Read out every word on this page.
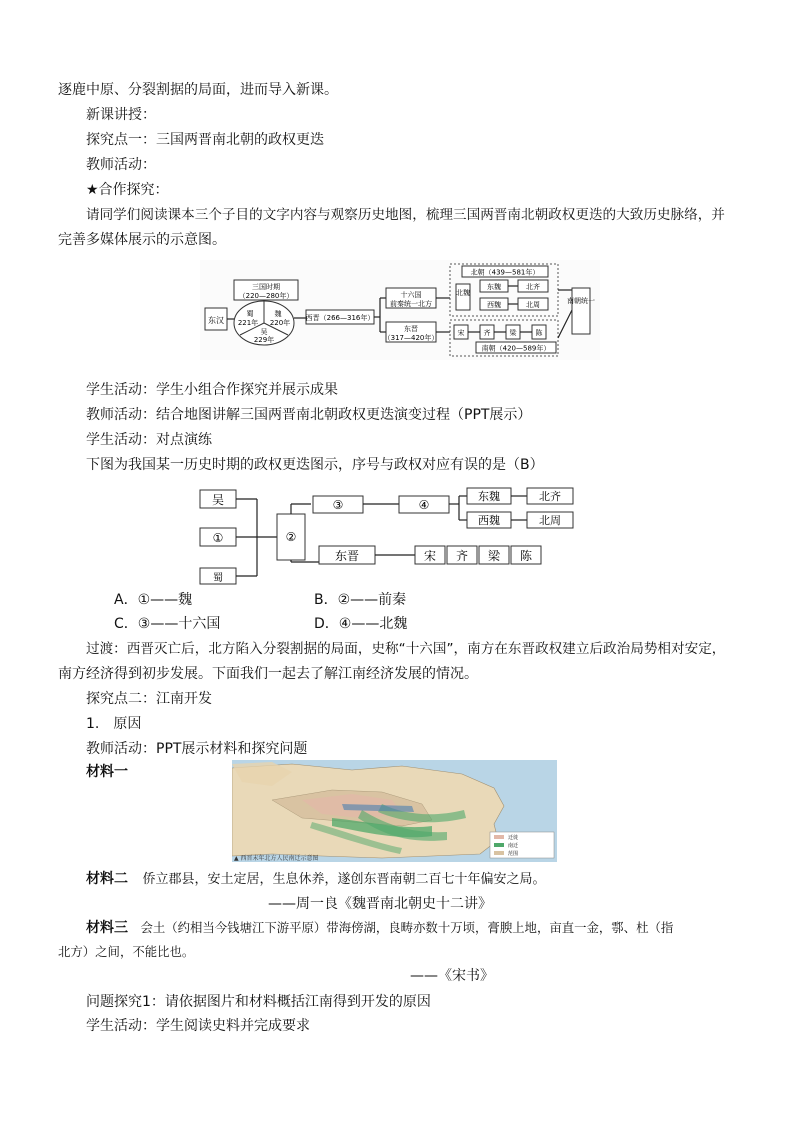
逐鹿中原、分裂割据的局面，进而导入新课。
新课讲授：
探究点一：三国两晋南北朝的政权更迭
教师活动：
★合作探究：
请同学们阅读课本三个子目的文字内容与观察历史地图，梳理三国两晋南北朝政权更迭的大致历史脉络，并
完善多媒体展示的示意图。
东汉
三国时期
（220—280年）
蜀
221年
魏
220年
吴
229年
西晋（266—316年）
十六国
前秦统一北方
东晋
（317—420年）
北朝（439—581年）
北魏
东魏
西魏
北齐
北周
宋	齐	梁	陈
南朝（420—589年）
南朝统一
学生活动：学生小组合作探究并展示成果
教师活动：结合地图讲解三国两晋南北朝政权更迭演变过程（PPT展示）
学生活动：对点演练
下图为我国某一历史时期的政权更迭图示，序号与政权对应有误的是（B）
吴
①
蜀
②
③	④
东魏
西魏
北齐
北周
东晋	宋 齐 梁 陈
A．①——魏	B．②——前秦
C．③——十六国	D．④——北魏
过渡：西晋灭亡后，北方陷入分裂割据的局面，史称“十六国”，南方在东晋政权建立后政治局势相对安定，
南方经济得到初步发展。下面我们一起去了解江南经济发展的情况。
探究点二：江南开发
1.　原因
教师活动：PPT展示材料和探究问题
材料一
迁徙
南迁
范围
▲ 西晋末年北方人民南迁示意图
材料二 侨立郡县，安土定居，生息休养，遂创东晋南朝二百七十年偏安之局。
——周一良《魏晋南北朝史十二讲》
材料三 会土（约相当今钱塘江下游平原）带海傍湖，良畴亦数十万顷，膏腴上地，亩直一金，鄠、杜（指
北方）之间，不能比也。
——《宋书》
问题探究1：请依据图片和材料概括江南得到开发的原因
学生活动：学生阅读史料并完成要求
